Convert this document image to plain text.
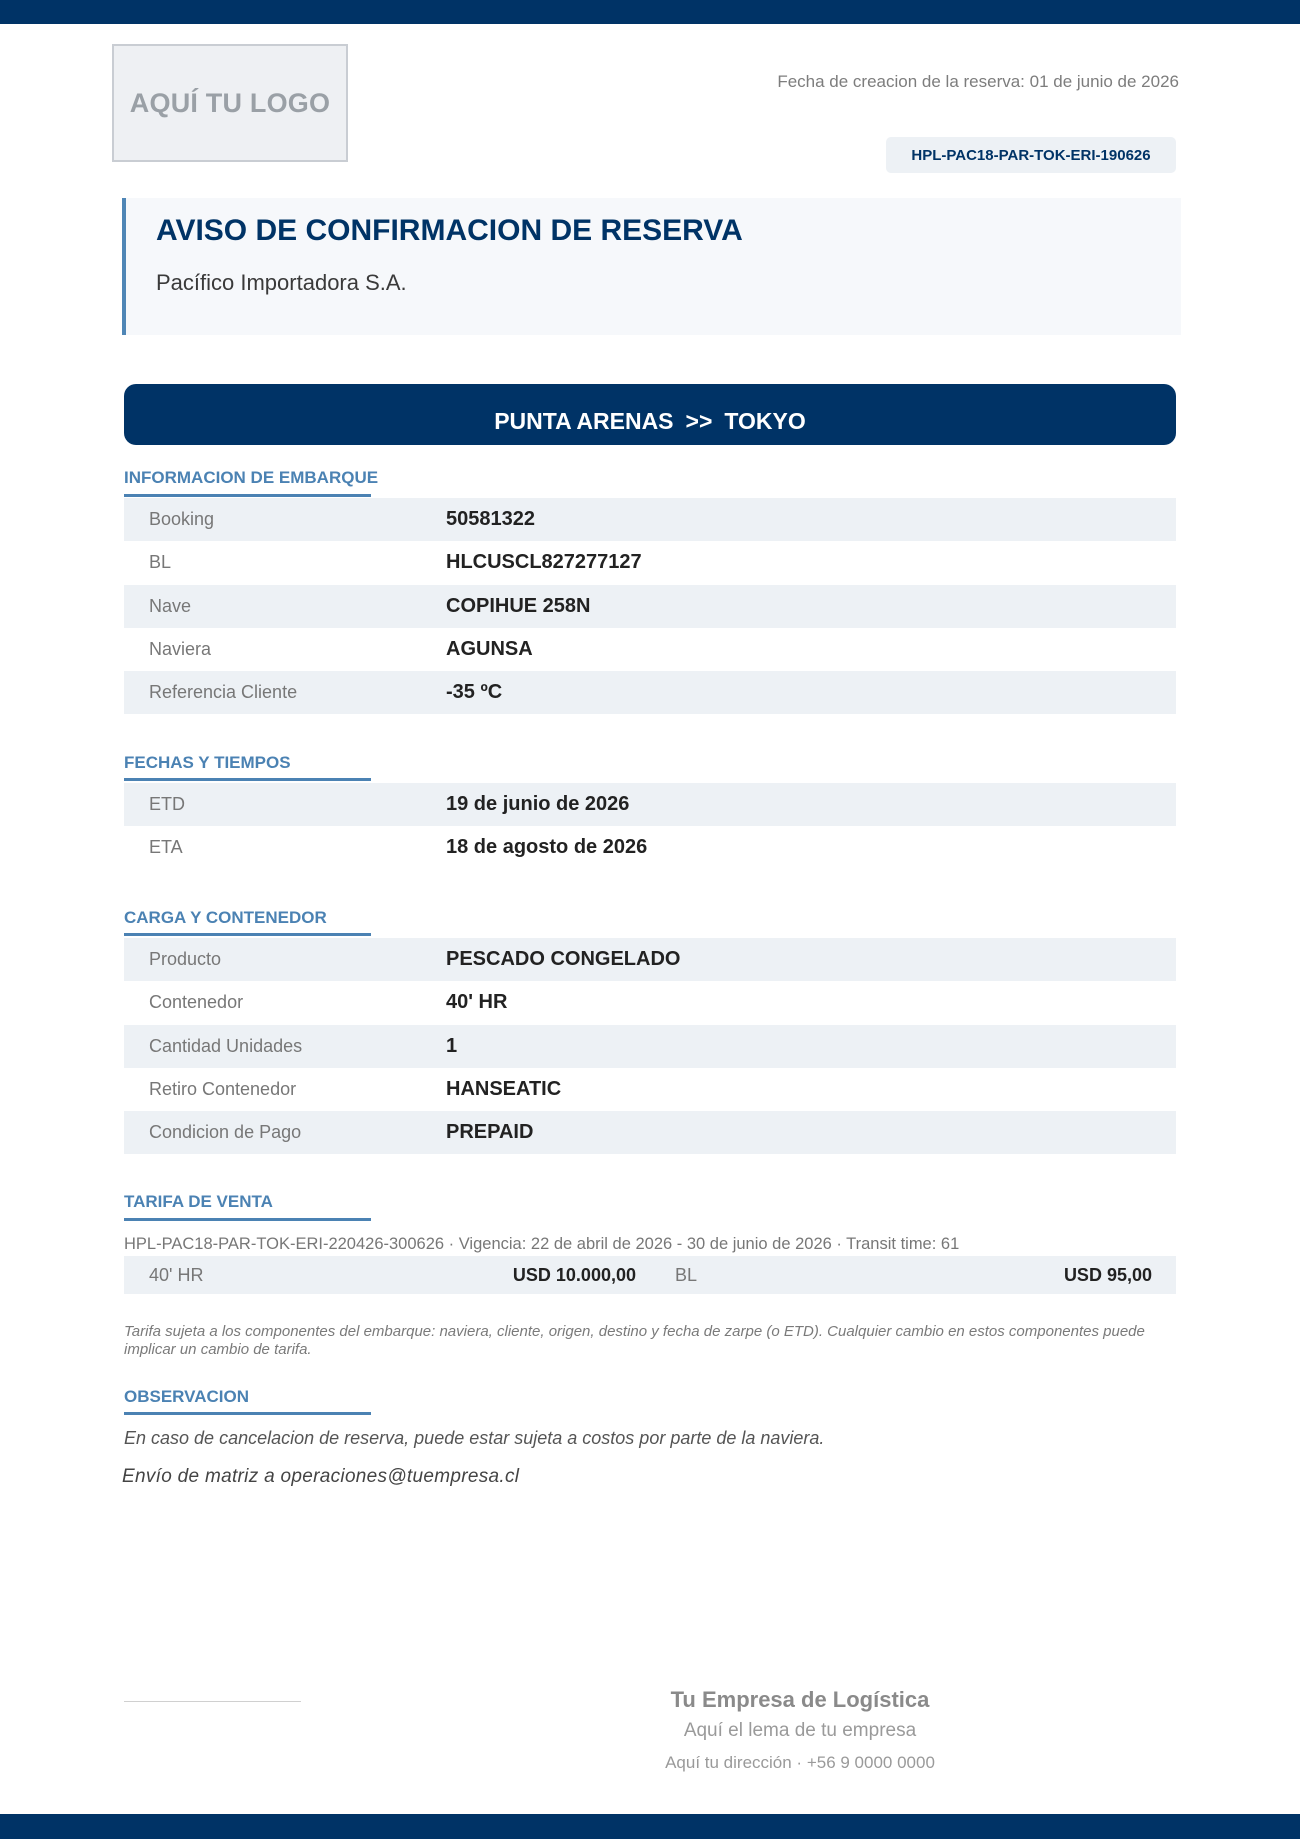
AQUÍ TU LOGO
Fecha de creacion de la reserva: 01 de junio de 2026
HPL-PAC18-PAR-TOK-ERI-190626
AVISO DE CONFIRMACION DE RESERVA
Pacífico Importadora S.A.
PUNTA ARENAS >> TOKYO
INFORMACION DE EMBARQUE
Booking	50581322
BL	HLCUSCL827277127
Nave	COPIHUE 258N
Naviera	AGUNSA
Referencia Cliente	-35 ºC
FECHAS Y TIEMPOS
ETD	19 de junio de 2026
ETA	18 de agosto de 2026
CARGA Y CONTENEDOR
Producto	PESCADO CONGELADO
Contenedor	40' HR
Cantidad Unidades	1
Retiro Contenedor	HANSEATIC
Condicion de Pago	PREPAID
TARIFA DE VENTA
HPL-PAC18-PAR-TOK-ERI-220426-300626 · Vigencia: 22 de abril de 2026 - 30 de junio de 2026 · Transit time: 61
40' HR	USD 10.000,00 BL	USD 95,00
Tarifa sujeta a los componentes del embarque: naviera, cliente, origen, destino y fecha de zarpe (o ETD). Cualquier cambio en estos componentes puede implicar un cambio de tarifa.
OBSERVACION
En caso de cancelacion de reserva, puede estar sujeta a costos por parte de la naviera.
Envío de matriz a operaciones@tuempresa.cl
Tu Empresa de Logística
Aquí el lema de tu empresa
Aquí tu dirección · +56 9 0000 0000
